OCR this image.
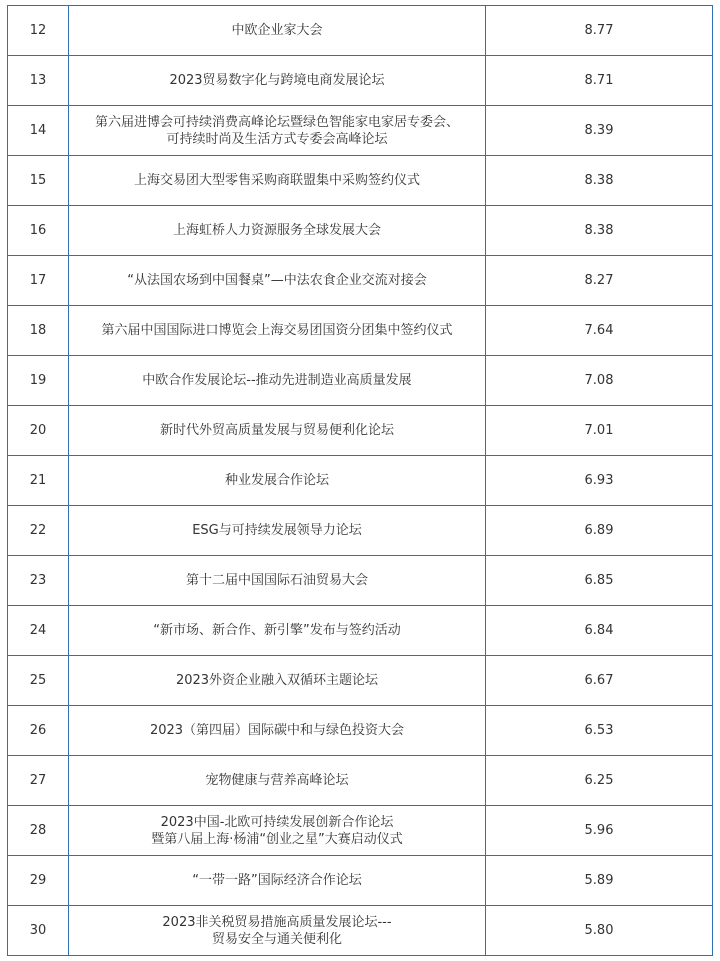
12	中欧企业家大会	8.77
13	2023贸易数字化与跨境电商发展论坛	8.71
14	第六届进博会可持续消费高峰论坛暨绿色智能家电家居专委会、
可持续时尚及生活方式专委会高峰论坛	8.39
15	上海交易团大型零售采购商联盟集中采购签约仪式	8.38
16	上海虹桥人力资源服务全球发展大会	8.38
17	“从法国农场到中国餐桌”—中法农食企业交流对接会	8.27
18	第六届中国国际进口博览会上海交易团国资分团集中签约仪式	7.64
19	中欧合作发展论坛--推动先进制造业高质量发展	7.08
20	新时代外贸高质量发展与贸易便利化论坛	7.01
21	种业发展合作论坛	6.93
22	ESG与可持续发展领导力论坛	6.89
23	第十二届中国国际石油贸易大会	6.85
24	“新市场、新合作、新引擎”发布与签约活动	6.84
25	2023外资企业融入双循环主题论坛	6.67
26	2023（第四届）国际碳中和与绿色投资大会	6.53
27	宠物健康与营养高峰论坛	6.25
28	2023中国-北欧可持续发展创新合作论坛
暨第八届上海·杨浦“创业之星”大赛启动仪式	5.96
29	“一带一路”国际经济合作论坛	5.89
30	2023非关税贸易措施高质量发展论坛---
贸易安全与通关便利化	5.80
